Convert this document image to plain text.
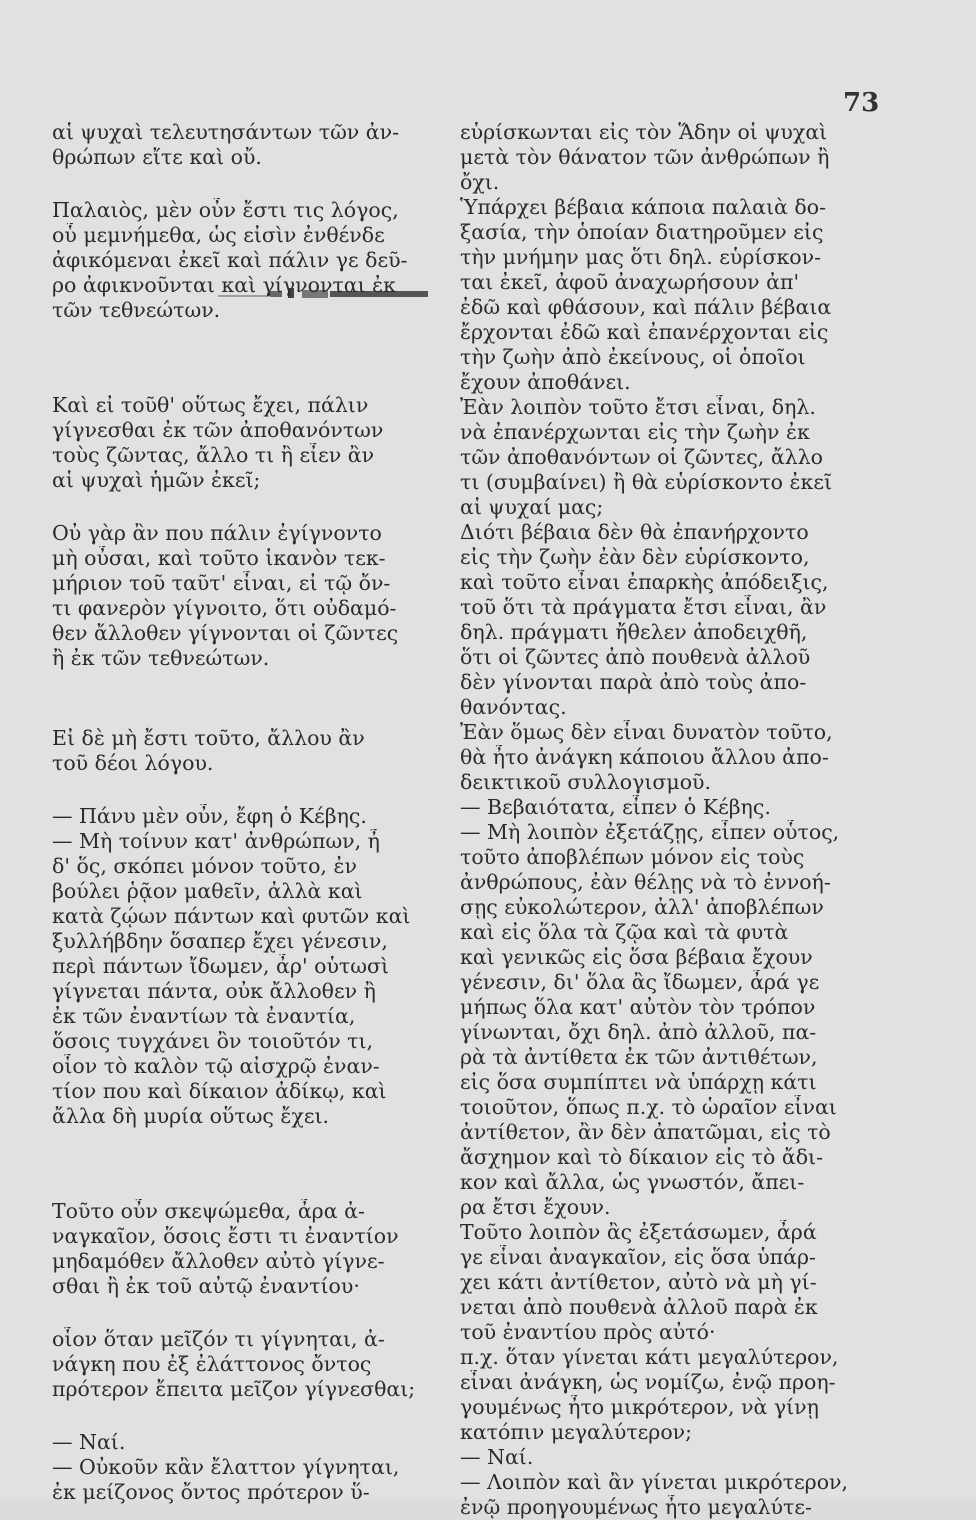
73
αἱ ψυχαὶ τελευτησάντων τῶν ἀν-
θρώπων εἴτε καὶ οὔ.
Παλαιὸς, μὲν οὖν ἔστι τις λόγος,
οὗ μεμνήμεθα, ὡς εἰσὶν ἐνθένδε
ἀφικόμεναι ἐκεῖ καὶ πάλιν γε δεῦ-
ρο ἀφικνοῦνται καὶ γίγνονται ἐκ
τῶν τεθνεώτων.
Καὶ εἰ τοῦθ' οὕτως ἔχει, πάλιν
γίγνεσθαι ἐκ τῶν ἀποθανόντων
τοὺς ζῶντας, ἄλλο τι ἢ εἶεν ἂν
αἱ ψυχαὶ ἡμῶν ἐκεῖ;
Οὐ γὰρ ἂν που πάλιν ἐγίγνοντο
μὴ οὖσαι, καὶ τοῦτο ἱκανὸν τεκ-
μήριον τοῦ ταῦτ' εἶναι, εἰ τῷ ὄν-
τι φανερὸν γίγνοιτο, ὅτι οὐδαμό-
θεν ἄλλοθεν γίγνονται οἱ ζῶντες
ἢ ἐκ τῶν τεθνεώτων.
Εἰ δὲ μὴ ἔστι τοῦτο, ἄλλου ἂν
τοῦ δέοι λόγου.
— Πάνυ μὲν οὖν, ἔφη ὁ Κέβης.
— Μὴ τοίνυν κατ' ἀνθρώπων, ἦ
δ' ὅς, σκόπει μόνον τοῦτο, ἐν
βούλει ῥᾷον μαθεῖν, ἀλλὰ καὶ
κατὰ ζῴων πάντων καὶ φυτῶν καὶ
ξυλλήβδην ὅσαπερ ἔχει γένεσιν,
περὶ πάντων ἴδωμεν, ἆρ' οὑτωσὶ
γίγνεται πάντα, οὐκ ἄλλοθεν ἢ
ἐκ τῶν ἐναντίων τὰ ἐναντία,
ὅσοις τυγχάνει ὂν τοιοῦτόν τι,
οἷον τὸ καλὸν τῷ αἰσχρῷ ἐναν-
τίον που καὶ δίκαιον ἀδίκῳ, καὶ
ἄλλα δὴ μυρία οὕτως ἔχει.
Τοῦτο οὖν σκεψώμεθα, ἆρα ἀ-
ναγκαῖον, ὅσοις ἔστι τι ἐναντίον
μηδαμόθεν ἄλλοθεν αὐτὸ γίγνε-
σθαι ἢ ἐκ τοῦ αὐτῷ ἐναντίου·
οἷον ὅταν μεῖζόν τι γίγνηται, ἀ-
νάγκη που ἐξ ἐλάττονος ὄντος
πρότερον ἔπειτα μεῖζον γίγνεσθαι;
— Ναί.
— Οὐκοῦν κἂν ἔλαττον γίγνηται,
ἐκ μείζονος ὄντος πρότερον ὕ-
εὑρίσκωνται εἰς τὸν Ἅδην οἱ ψυχαὶ
μετὰ τὸν θάνατον τῶν ἀνθρώπων ἢ
ὄχι.
Ὑπάρχει βέβαια κάποια παλαιὰ δο-
ξασία, τὴν ὁποίαν διατηροῦμεν εἰς
τὴν μνήμην μας ὅτι δηλ. εὑρίσκον-
ται ἐκεῖ, ἀφοῦ ἀναχωρήσουν ἀπ'
ἐδῶ καὶ φθάσουν, καὶ πάλιν βέβαια
ἔρχονται ἐδῶ καὶ ἐπανέρχονται εἰς
τὴν ζωὴν ἀπὸ ἐκείνους, οἱ ὁποῖοι
ἔχουν ἀποθάνει.
Ἐὰν λοιπὸν τοῦτο ἔτσι εἶναι, δηλ.
νὰ ἐπανέρχωνται εἰς τὴν ζωὴν ἐκ
τῶν ἀποθανόντων οἱ ζῶντες, ἄλλο
τι (συμβαίνει) ἢ θὰ εὑρίσκοντο ἐκεῖ
αἱ ψυχαί μας;
Διότι βέβαια δὲν θὰ ἐπανήρχοντο
εἰς τὴν ζωὴν ἐὰν δὲν εὑρίσκοντο,
καὶ τοῦτο εἶναι ἐπαρκὴς ἀπόδειξις,
τοῦ ὅτι τὰ πράγματα ἔτσι εἶναι, ἂν
δηλ. πράγματι ἤθελεν ἀποδειχθῆ,
ὅτι οἱ ζῶντες ἀπὸ πουθενὰ ἀλλοῦ
δὲν γίνονται παρὰ ἀπὸ τοὺς ἀπο-
θανόντας.
Ἐὰν ὅμως δὲν εἶναι δυνατὸν τοῦτο,
θὰ ἦτο ἀνάγκη κάποιου ἄλλου ἀπο-
δεικτικοῦ συλλογισμοῦ.
— Βεβαιότατα, εἶπεν ὁ Κέβης.
— Μὴ λοιπὸν ἐξετάζῃς, εἶπεν οὗτος,
τοῦτο ἀποβλέπων μόνον εἰς τοὺς
ἀνθρώπους, ἐὰν θέλῃς νὰ τὸ ἐννοή-
σῃς εὐκολώτερον, ἀλλ' ἀποβλέπων
καὶ εἰς ὅλα τὰ ζῷα καὶ τὰ φυτὰ
καὶ γενικῶς εἰς ὅσα βέβαια ἔχουν
γένεσιν, δι' ὅλα ἂς ἴδωμεν, ἆρά γε
μήπως ὅλα κατ' αὐτὸν τὸν τρόπον
γίνωνται, ὄχι δηλ. ἀπὸ ἀλλοῦ, πα-
ρὰ τὰ ἀντίθετα ἐκ τῶν ἀντιθέτων,
εἰς ὅσα συμπίπτει νὰ ὑπάρχῃ κάτι
τοιοῦτον, ὅπως π.χ. τὸ ὡραῖον εἶναι
ἀντίθετον, ἂν δὲν ἀπατῶμαι, εἰς τὸ
ἄσχημον καὶ τὸ δίκαιον εἰς τὸ ἄδι-
κον καὶ ἄλλα, ὡς γνωστόν, ἄπει-
ρα ἔτσι ἔχουν.
Τοῦτο λοιπὸν ἂς ἐξετάσωμεν, ἆρά
γε εἶναι ἀναγκαῖον, εἰς ὅσα ὑπάρ-
χει κάτι ἀντίθετον, αὐτὸ νὰ μὴ γί-
νεται ἀπὸ πουθενὰ ἀλλοῦ παρὰ ἐκ
τοῦ ἐναντίου πρὸς αὐτό·
π.χ. ὅταν γίνεται κάτι μεγαλύτερον,
εἶναι ἀνάγκη, ὡς νομίζω, ἐνῷ προη-
γουμένως ἦτο μικρότερον, νὰ γίνῃ
κατόπιν μεγαλύτερον;
— Ναί.
— Λοιπὸν καὶ ἂν γίνεται μικρότερον,
ἐνῷ προηγουμένως ἦτο μεγαλύτε-
